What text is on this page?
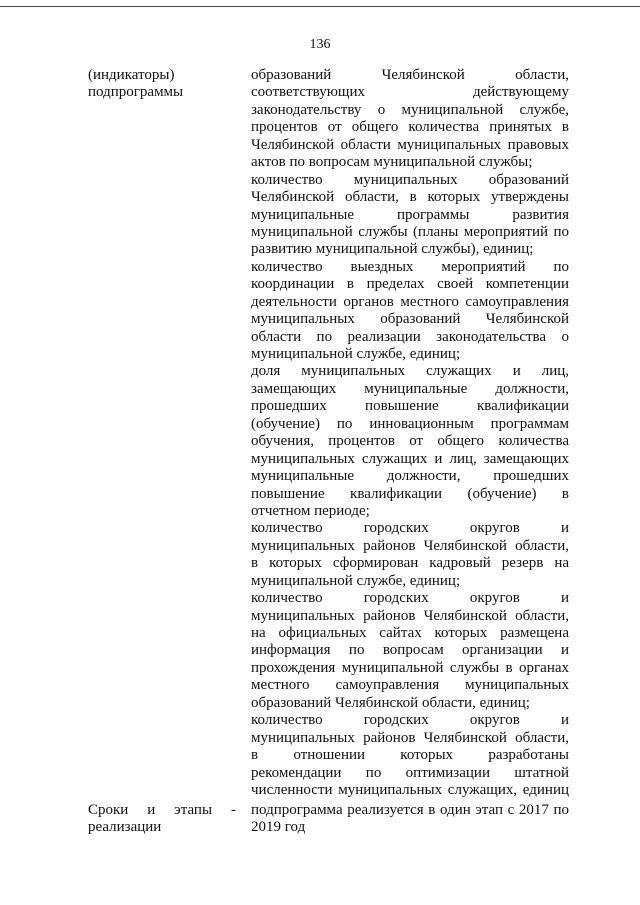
136
(индикаторы)
подпрограммы
образований Челябинской области,
соответствующих действующему
законодательству о муниципальной службе,
процентов от общего количества принятых в
Челябинской области муниципальных правовых
актов по вопросам муниципальной службы;
количество муниципальных образований
Челябинской области, в которых утверждены
муниципальные программы развития
муниципальной службы (планы мероприятий по
развитию муниципальной службы), единиц;
количество выездных мероприятий по
координации в пределах своей компетенции
деятельности органов местного самоуправления
муниципальных образований Челябинской
области по реализации законодательства о
муниципальной службе, единиц;
доля муниципальных служащих и лиц,
замещающих муниципальные должности,
прошедших повышение квалификации
(обучение) по инновационным программам
обучения, процентов от общего количества
муниципальных служащих и лиц, замещающих
муниципальные должности, прошедших
повышение квалификации (обучение) в
отчетном периоде;
количество городских округов и
муниципальных районов Челябинской области,
в которых сформирован кадровый резерв на
муниципальной службе, единиц;
количество городских округов и
муниципальных районов Челябинской области,
на официальных сайтах которых размещена
информация по вопросам организации и
прохождения муниципальной службы в органах
местного самоуправления муниципальных
образований Челябинской области, единиц;
количество городских округов и
муниципальных районов Челябинской области,
в отношении которых разработаны
рекомендации по оптимизации штатной
численности муниципальных служащих, единиц
Сроки и этапы -
реализации
подпрограмма реализуется в один этап с 2017 по
2019 год
